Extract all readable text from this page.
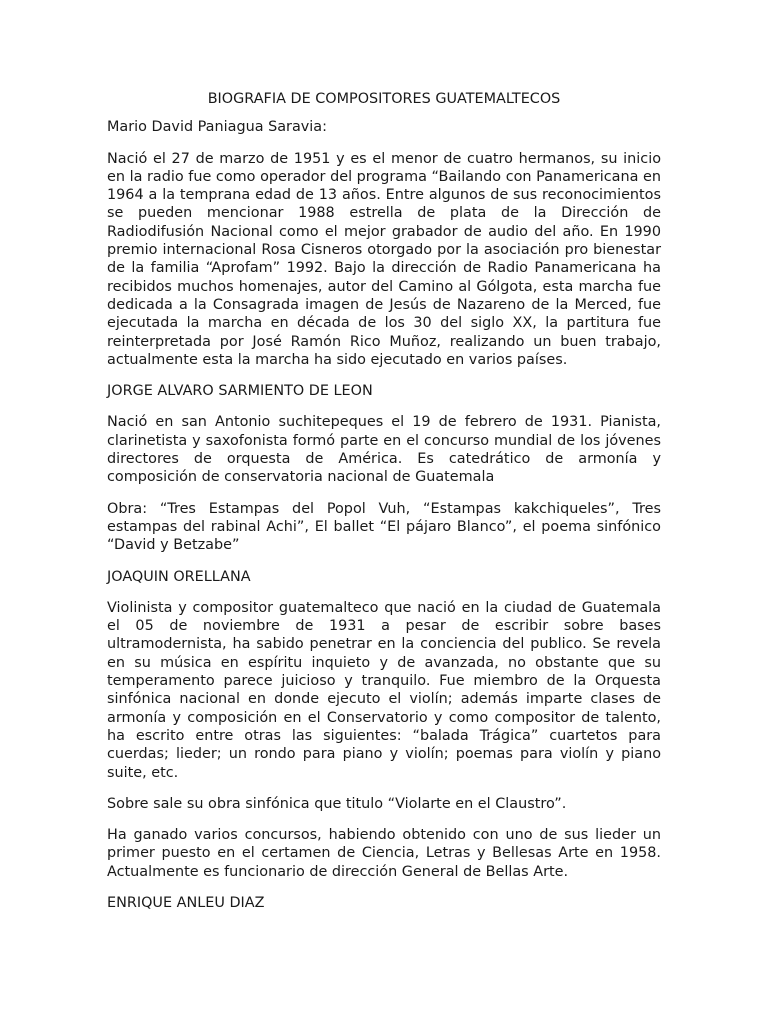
BIOGRAFIA DE COMPOSITORES GUATEMALTECOS

Mario David Paniagua Saravia:

Nació el 27 de marzo de 1951 y es el menor de cuatro hermanos, su inicio en la radio fue como operador del programa “Bailando con Panamericana en 1964 a la temprana edad de 13 años. Entre algunos de sus reconocimientos se pueden mencionar 1988 estrella de plata de la Dirección de Radiodifusión Nacional como el mejor grabador de audio del año. En 1990 premio internacional Rosa Cisneros otorgado por la asociación pro bienestar de la familia “Aprofam” 1992. Bajo la dirección de Radio Panamericana ha recibidos muchos homenajes, autor del Camino al Gólgota, esta marcha fue dedicada a la Consagrada imagen de Jesús de Nazareno de la Merced, fue ejecutada la marcha en década de los 30 del siglo XX, la partitura fue reinterpretada por José Ramón Rico Muñoz, realizando un buen trabajo, actualmente esta la marcha ha sido ejecutado en varios países.

JORGE ALVARO SARMIENTO DE LEON

Nació en san Antonio suchitepeques el 19 de febrero de 1931. Pianista, clarinetista y saxofonista formó parte en el concurso mundial de los jóvenes directores de orquesta de América. Es catedrático de armonía y composición de conservatoria nacional de Guatemala

Obra: “Tres Estampas del Popol Vuh, “Estampas kakchiqueles”, Tres estampas del rabinal Achi”, El ballet “El pájaro Blanco”, el poema sinfónico “David y Betzabe”

JOAQUIN ORELLANA

Violinista y compositor guatemalteco que nació en la ciudad de Guatemala el 05 de noviembre de 1931 a pesar de escribir sobre bases ultramodernista, ha sabido penetrar en la conciencia del publico. Se revela en su música en espíritu inquieto y de avanzada, no obstante que su temperamento parece juicioso y tranquilo. Fue miembro de la Orquesta sinfónica nacional en donde ejecuto el violín; además imparte clases de armonía y composición en el Conservatorio y como compositor de talento, ha escrito entre otras las siguientes: “balada Trágica” cuartetos para cuerdas; lieder; un rondo para piano y violín; poemas para violín y piano suite, etc.

Sobre sale su obra sinfónica que titulo “Violarte en el Claustro”.

Ha ganado varios concursos, habiendo obtenido con uno de sus lieder un primer puesto en el certamen de Ciencia, Letras y Bellesas Arte en 1958. Actualmente es funcionario de dirección General de Bellas Arte.

ENRIQUE ANLEU DIAZ
